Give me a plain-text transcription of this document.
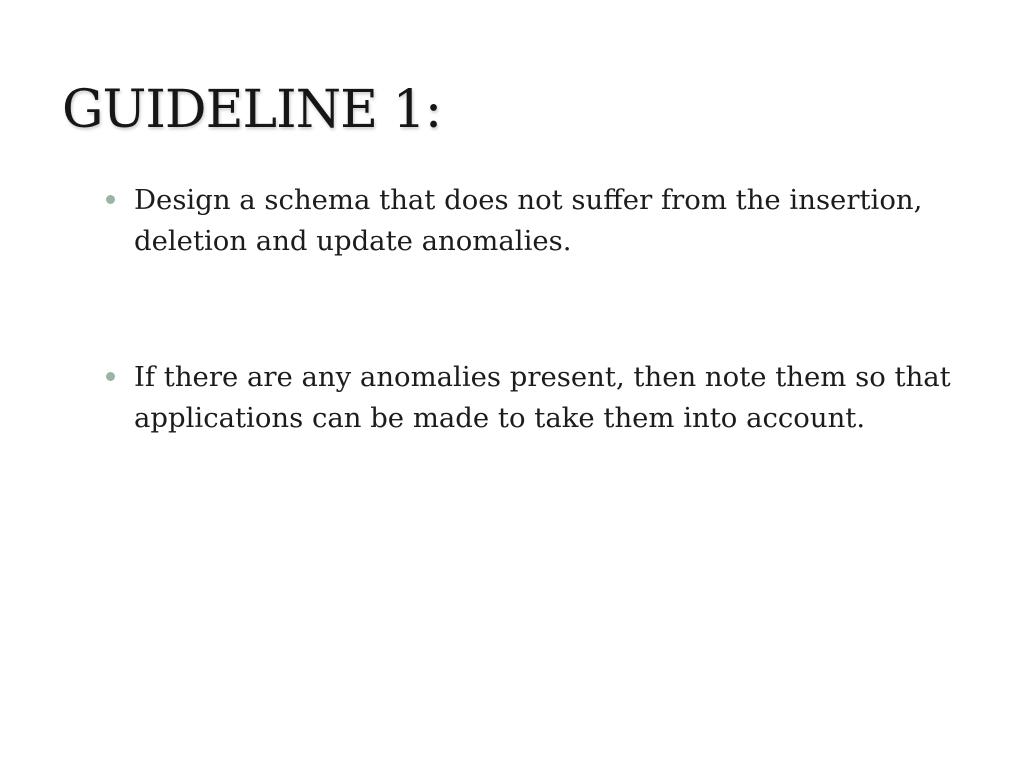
GUIDELINE 1:
Design a schema that does not suffer from the insertion, deletion and update anomalies.
If there are any anomalies present, then note them so that applications can be made to take them into account.
